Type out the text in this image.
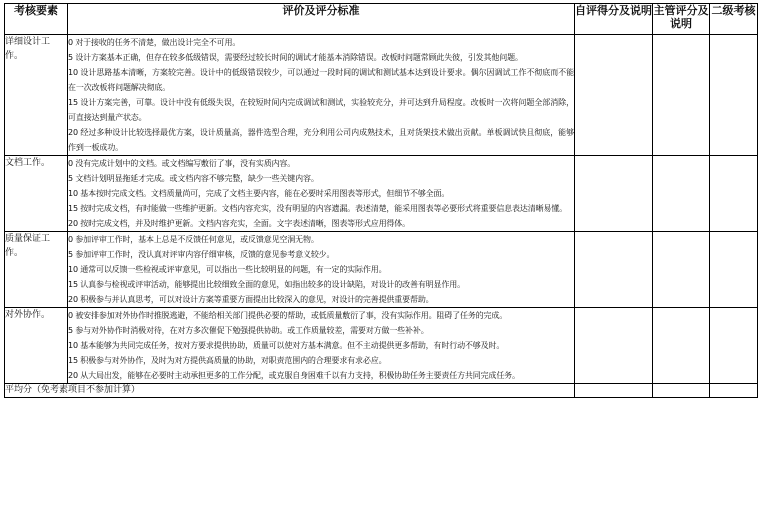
考核要素	评价及评分标准	自评得分及说明	主管评分及说明	二级考核
详细设计工作。	0 对于接收的任务不清楚，做出设计完全不可用。
5 设计方案基本正确，但存在较多低级错误，需要经过较长时间的调试才能基本消除错误。改板时问题常顾此失彼，引发其他问题。
10 设计思路基本清晰，方案较完善。设计中的低级错误较少，可以通过一段时间的调试和测试基本达到设计要求。偶尔因调试工作不彻底而不能在一次改板将问题解决彻底。
15 设计方案完善，可靠。设计中没有低级失误，在较短时间内完成调试和测试，实验较充分，并可达到升局程度。改板时一次将问题全部消除，可直接达到量产状态。
20 经过多种设计比较选择最优方案，设计质量高，器件选型合理，充分利用公司内成熟技术，且对货架技术做出贡献。单板调试快且彻底，能够作到一板成功。			

文档工作。	0 没有完成计划中的文档。或文档编写敷衍了事，没有实质内容。
5 文档计划明显拖延才完成。或文档内容不够完整，缺少一些关键内容。
10 基本按时完成文档。文档质量尚可，完成了文档主要内容，能在必要时采用图表等形式，但细节不够全面。
15 按时完成文档，有时能做一些维护更新。文档内容充实，没有明显的内容遗漏。表述清楚，能采用图表等必要形式将重要信息表达清晰易懂。
20 按时完成文档，并及时维护更新。文档内容充实，全面。文字表述清晰，图表等形式应用得体。			

质量保证工作。	0 参加评审工作时，基本上总是不反馈任何意见，或反馈意见空洞无物。
5 参加评审工作时，没认真对评审内容仔细审核，反馈的意见参考意义较少。
10 通常可以反馈一些检视或评审意见，可以指出一些比较明显的问题，有一定的实际作用。
15 认真参与检视或评审活动，能够提出比较细致全面的意见，如指出较多的设计缺陷，对设计的改善有明显作用。
20 积极参与并认真思考，可以对设计方案等重要方面提出比较深入的意见，对设计的完善提供重要帮助。			

对外协作。	0 被安排参加对外协作时推脱逃避，不能给相关部门提供必要的帮助，或低质量敷衍了事，没有实际作用。阻碍了任务的完成。
5 参与对外协作时消极对待，在对方多次催促下勉强提供协助。或工作质量较差，需要对方做一些补补。
10 基本能够为共同完成任务，按对方要求提供协助，质量可以使对方基本满意。但不主动提供更多帮助，有时行动不够及时。
15 积极参与对外协作，及时为对方提供高质量的协助，对职责范围内的合理要求有求必应。
20 从大局出发，能够在必要时主动承担更多的工作分配，或克服自身困难千以有力支持，积极协助任务主要责任方共同完成任务。			

平均分（免考素项目不参加计算）				
